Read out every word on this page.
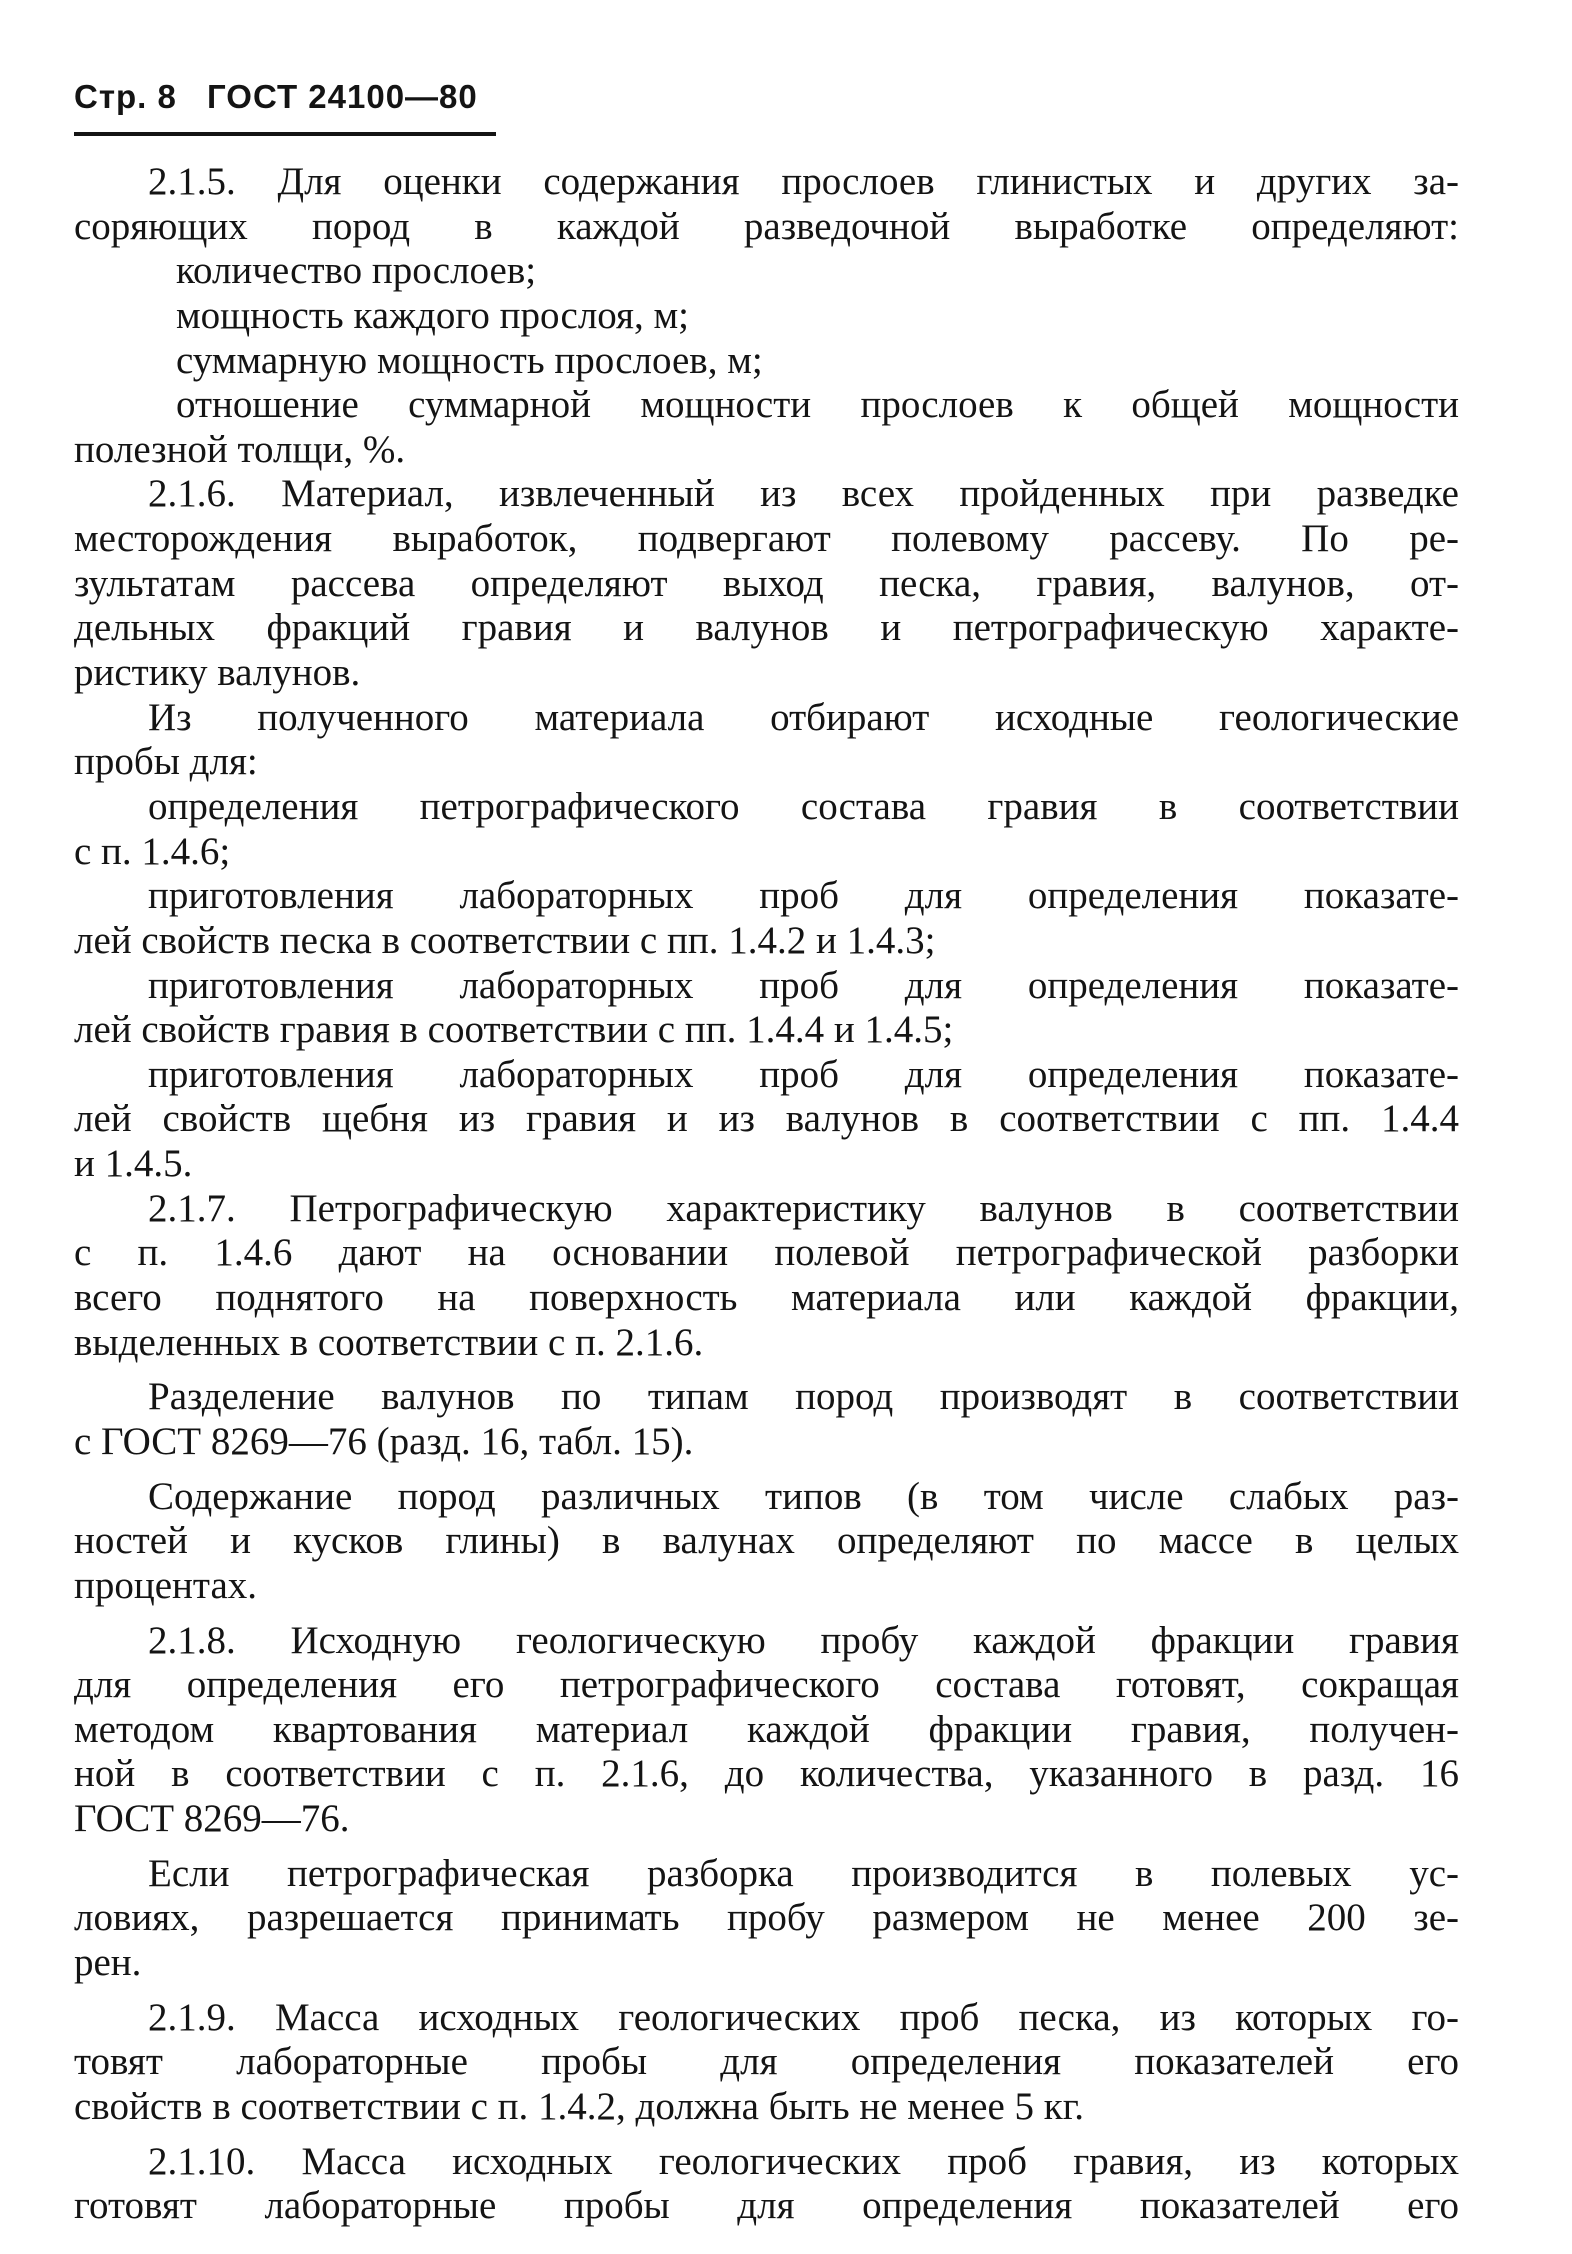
Стр. 8 ГОСТ 24100—80
2.1.5. Для оценки содержания прослоев глинистых и других за-
соряющих пород в каждой разведочной выработке определяют:
количество прослоев;
мощность каждого прослоя, м;
суммарную мощность прослоев, м;
отношение суммарной мощности прослоев к общей мощности
полезной толщи, %.
2.1.6. Материал, извлеченный из всех пройденных при разведке
месторождения выработок, подвергают полевому рассеву. По ре-
зультатам рассева определяют выход песка, гравия, валунов, от-
дельных фракций гравия и валунов и петрографическую характе-
ристику валунов.
Из полученного материала отбирают исходные геологические
пробы для:
определения петрографического состава гравия в соответствии
с п. 1.4.6;
приготовления лабораторных проб для определения показате-
лей свойств песка в соответствии с пп. 1.4.2 и 1.4.3;
приготовления лабораторных проб для определения показате-
лей свойств гравия в соответствии с пп. 1.4.4 и 1.4.5;
приготовления лабораторных проб для определения показате-
лей свойств щебня из гравия и из валунов в соответствии с пп. 1.4.4
и 1.4.5.
2.1.7. Петрографическую характеристику валунов в соответствии
с п. 1.4.6 дают на основании полевой петрографической разборки
всего поднятого на поверхность материала или каждой фракции,
выделенных в соответствии с п. 2.1.6.
Разделение валунов по типам пород производят в соответствии
с ГОСТ 8269—76 (разд. 16, табл. 15).
Содержание пород различных типов (в том числе слабых раз-
ностей и кусков глины) в валунах определяют по массе в целых
процентах.
2.1.8. Исходную геологическую пробу каждой фракции гравия
для определения его петрографического состава готовят, сокращая
методом квартования материал каждой фракции гравия, получен-
ной в соответствии с п. 2.1.6, до количества, указанного в разд. 16
ГОСТ 8269—76.
Если петрографическая разборка производится в полевых ус-
ловиях, разрешается принимать пробу размером не менее 200 зе-
рен.
2.1.9. Масса исходных геологических проб песка, из которых го-
товят лабораторные пробы для определения показателей его
свойств в соответствии с п. 1.4.2, должна быть не менее 5 кг.
2.1.10. Масса исходных геологических проб гравия, из которых
готовят лабораторные пробы для определения показателей его
